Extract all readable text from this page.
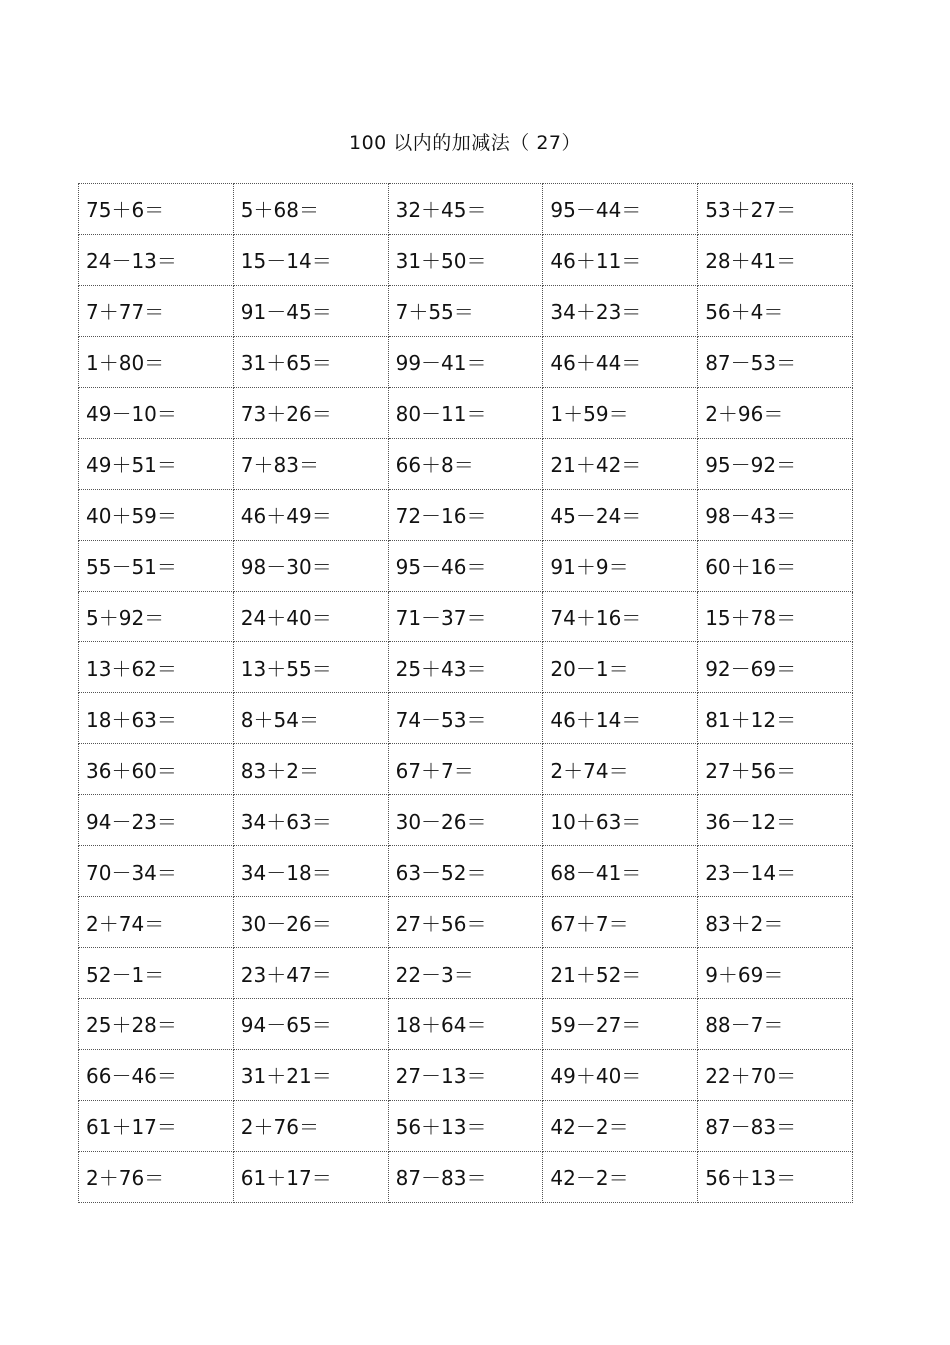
100 以内的加减法（ 27）
75＋6＝	5＋68＝	32＋45＝	95－44＝	53＋27＝
24－13＝	15－14＝	31＋50＝	46＋11＝	28＋41＝
7＋77＝	91－45＝	7＋55＝	34＋23＝	56＋4＝
1＋80＝	31＋65＝	99－41＝	46＋44＝	87－53＝
49－10＝	73＋26＝	80－11＝	1＋59＝	2＋96＝
49＋51＝	7＋83＝	66＋8＝	21＋42＝	95－92＝
40＋59＝	46＋49＝	72－16＝	45－24＝	98－43＝
55－51＝	98－30＝	95－46＝	91＋9＝	60＋16＝
5＋92＝	24＋40＝	71－37＝	74＋16＝	15＋78＝
13＋62＝	13＋55＝	25＋43＝	20－1＝	92－69＝
18＋63＝	8＋54＝	74－53＝	46＋14＝	81＋12＝
36＋60＝	83＋2＝	67＋7＝	2＋74＝	27＋56＝
94－23＝	34＋63＝	30－26＝	10＋63＝	36－12＝
70－34＝	34－18＝	63－52＝	68－41＝	23－14＝
2＋74＝	30－26＝	27＋56＝	67＋7＝	83＋2＝
52－1＝	23＋47＝	22－3＝	21＋52＝	9＋69＝
25＋28＝	94－65＝	18＋64＝	59－27＝	88－7＝
66－46＝	31＋21＝	27－13＝	49＋40＝	22＋70＝
61＋17＝	2＋76＝	56＋13＝	42－2＝	87－83＝
2＋76＝	61＋17＝	87－83＝	42－2＝	56＋13＝
